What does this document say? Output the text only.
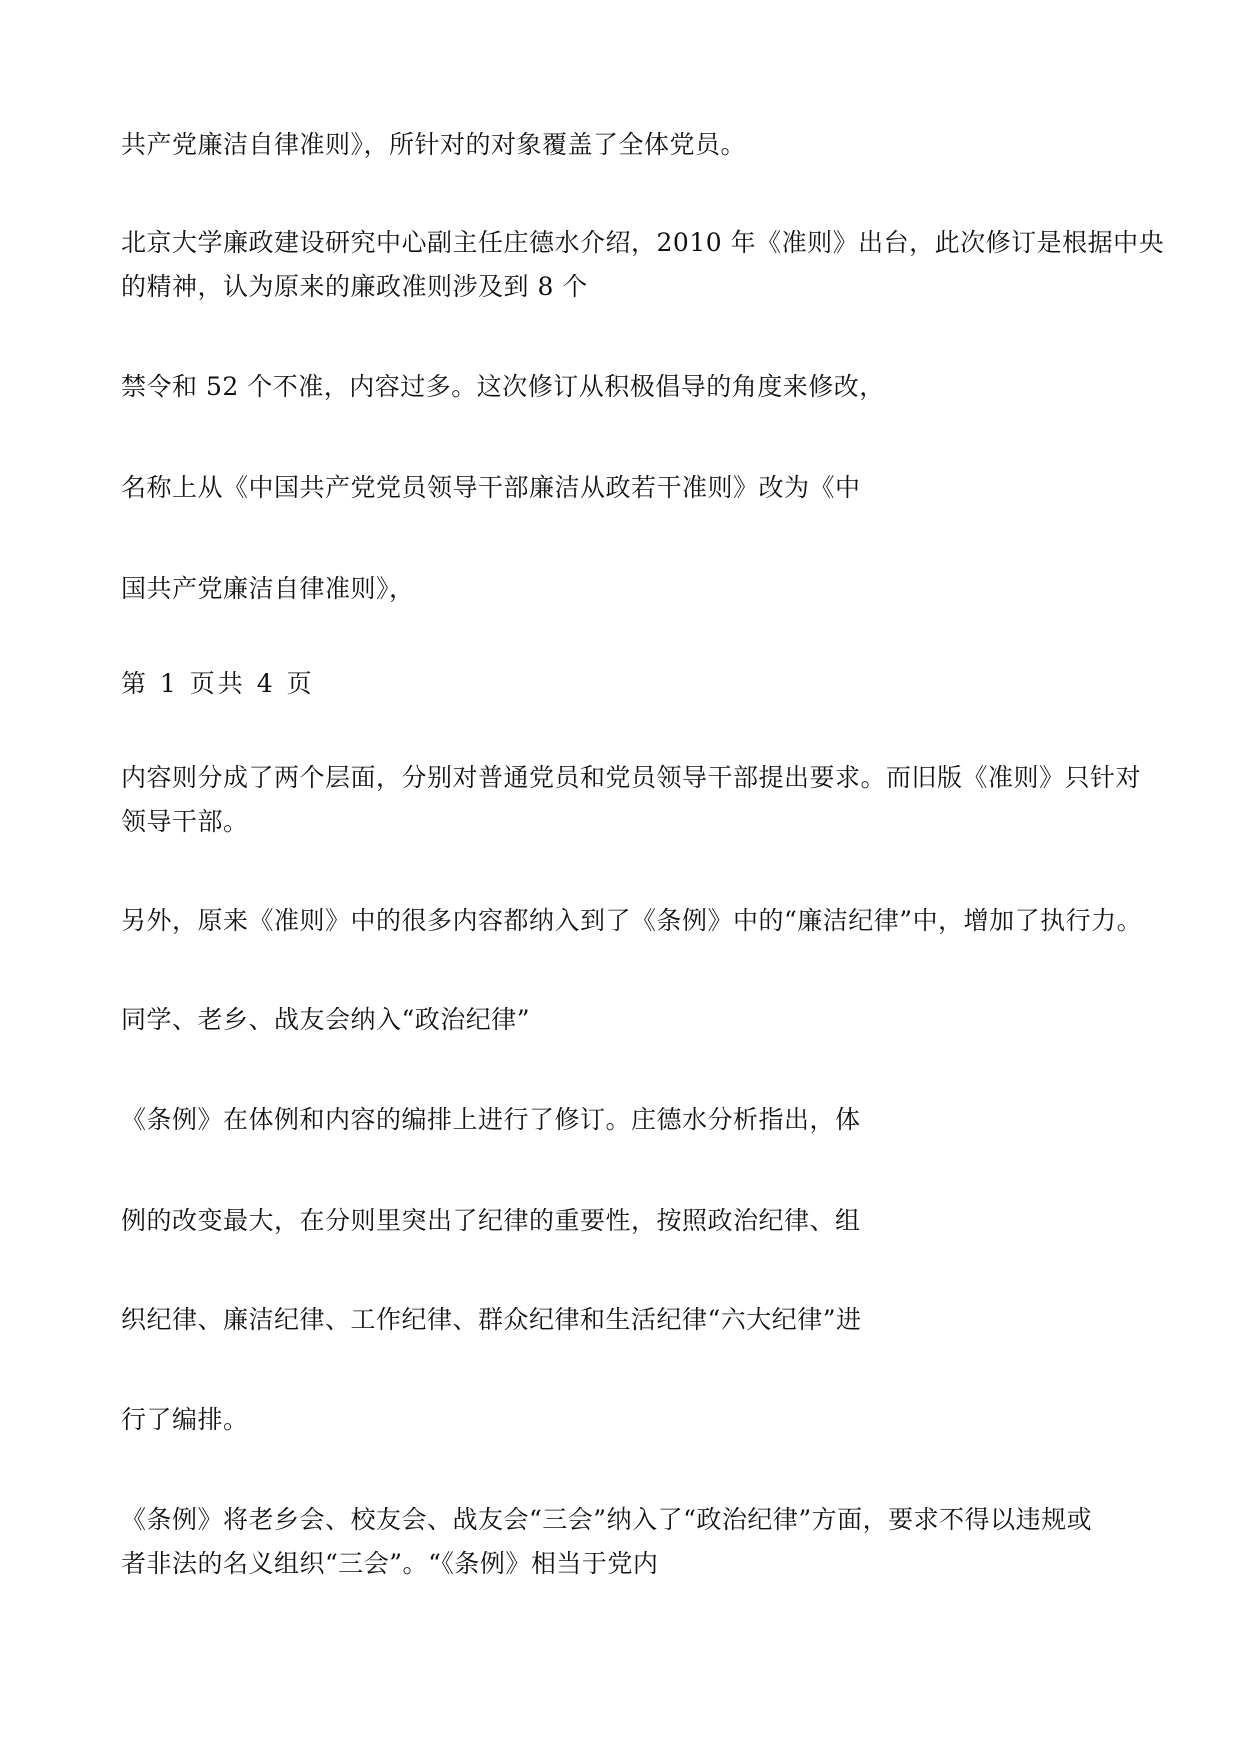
共产党廉洁自律准则》，所针对的对象覆盖了全体党员。

北京大学廉政建设研究中心副主任庄德水介绍，2010 年《准则》出台，此次修订是根据中央
的精神，认为原来的廉政准则涉及到 8 个

禁令和 52 个不准，内容过多。这次修订从积极倡导的角度来修改，

名称上从《中国共产党党员领导干部廉洁从政若干准则》改为《中

国共产党廉洁自律准则》，

第 1 页共 4 页

内容则分成了两个层面，分别对普通党员和党员领导干部提出要求。而旧版《准则》只针对
领导干部。

另外，原来《准则》中的很多内容都纳入到了《条例》中的“廉洁纪律”中，增加了执行力。

同学、老乡、战友会纳入“政治纪律”

《条例》在体例和内容的编排上进行了修订。庄德水分析指出，体

例的改变最大，在分则里突出了纪律的重要性，按照政治纪律、组

织纪律、廉洁纪律、工作纪律、群众纪律和生活纪律“六大纪律”进

行了编排。

《条例》将老乡会、校友会、战友会“三会”纳入了“政治纪律”方面，要求不得以违规或
者非法的名义组织“三会”。“《条例》相当于党内
